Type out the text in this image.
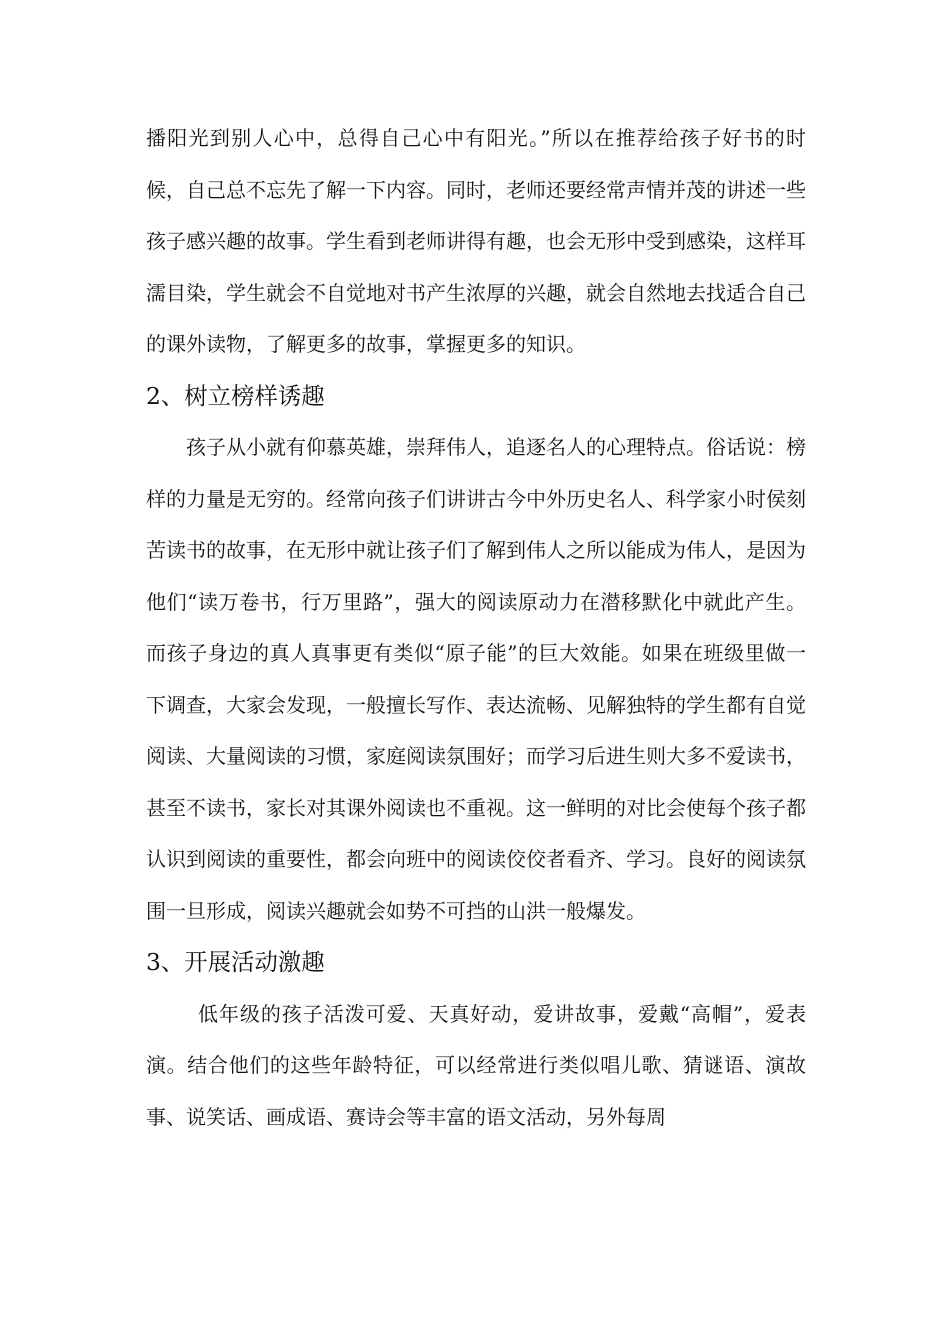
播阳光到别人心中，总得自己心中有阳光。”所以在推荐给孩子好书的时候，自己总不忘先了解一下内容。同时，老师还要经常声情并茂的讲述一些孩子感兴趣的故事。学生看到老师讲得有趣，也会无形中受到感染，这样耳濡目染，学生就会不自觉地对书产生浓厚的兴趣，就会自然地去找适合自己的课外读物，了解更多的故事，掌握更多的知识。

2、树立榜样诱趣

孩子从小就有仰慕英雄，崇拜伟人，追逐名人的心理特点。俗话说：榜样的力量是无穷的。经常向孩子们讲讲古今中外历史名人、科学家小时侯刻苦读书的故事，在无形中就让孩子们了解到伟人之所以能成为伟人，是因为他们“读万卷书，行万里路”，强大的阅读原动力在潜移默化中就此产生。而孩子身边的真人真事更有类似“原子能”的巨大效能。如果在班级里做一下调查，大家会发现，一般擅长写作、表达流畅、见解独特的学生都有自觉阅读、大量阅读的习惯，家庭阅读氛围好；而学习后进生则大多不爱读书，甚至不读书，家长对其课外阅读也不重视。这一鲜明的对比会使每个孩子都认识到阅读的重要性，都会向班中的阅读佼佼者看齐、学习。良好的阅读氛围一旦形成，阅读兴趣就会如势不可挡的山洪一般爆发。

3、开展活动激趣

低年级的孩子活泼可爱、天真好动，爱讲故事，爱戴“高帽”，爱表演。结合他们的这些年龄特征，可以经常进行类似唱儿歌、猜谜语、演故事、说笑话、画成语、赛诗会等丰富的语文活动，另外每周
